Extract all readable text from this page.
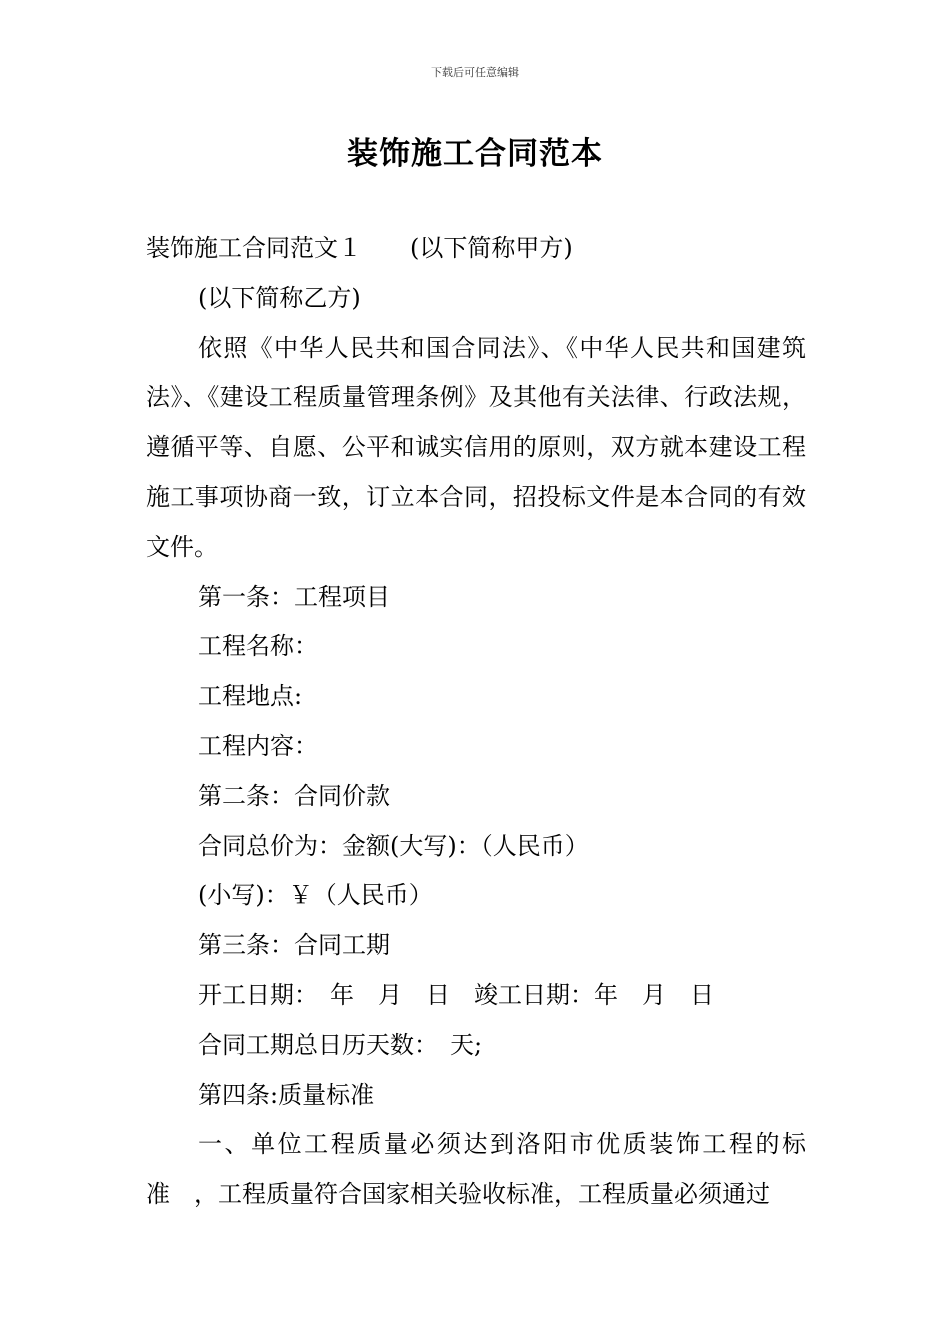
下载后可任意编辑
装饰施工合同范本

装饰施工合同范文１ (以下简称甲方)

(以下简称乙方)

依照《中华人民共和国合同法》、《中华人民共和国建筑法》、《建设工程质量管理条例》及其他有关法律、行政法规，遵循平等、自愿、公平和诚实信用的原则，双方就本建设工程施工事项协商一致，订立本合同，招投标文件是本合同的有效文件。

第一条：工程项目

工程名称：

工程地点:

工程内容：

第二条：合同价款

合同总价为：金额(大写)：（人民币）

(小写)：￥（人民币）

第三条：合同工期

开工日期：　年　月　日　竣工日期：年　月　日

合同工期总日历天数：　天;

第四条:质量标准

一、单位工程质量必须达到洛阳市优质装饰工程的标准　，工程质量符合国家相关验收标准，工程质量必须通过
